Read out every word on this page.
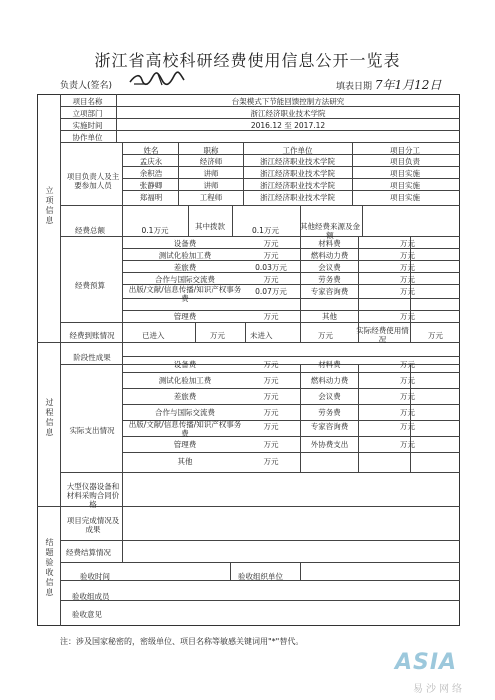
浙江省高校科研经费使用信息公开一览表
负责人(签名)	填表日期 7年1月12日
项目名称	台架模式下节能回馈控制方法研究
立项部门	浙江经济职业技术学院
实施时间	2016.12 至 2017.12
协作单位
立项信息
过程信息
结题验收信息
项目负责人及主要参加人员
姓名	职称	工作单位	项目分工
孟庆永	经济师	浙江经济职业技术学院	项目负责
余积浩	讲师	浙江经济职业技术学院	项目实施
张静卿	讲师	浙江经济职业技术学院	项目实施
郑福明	工程师	浙江经济职业技术学院	项目实施
经费总额	0.1万元	其中拨款	0.1万元	其他经费来源及金额
经费预算
设备费	万元	材料费	万元
测试化验加工费	万元	燃料动力费	万元
差旅费	0.03万元	会议费	万元
合作与国际交流费	万元	劳务费	万元
出版/文献/信息传播/知识产权事务费
0.07万元	专家咨询费	万元
管理费	万元	其他	万元
经费到账情况	已进入	万元	未进入	万元
实际经费使用情况	万元
阶段性成果
实际支出情况
设备费	万元	材料费	万元
测试化验加工费	万元	燃料动力费	万元
差旅费	万元	会议费	万元
合作与国际交流费	万元	劳务费	万元
出版/文献/信息传播/知识产权事务费
万元	专家咨询费	万元
管理费	万元	外协费支出	万元
其他	万元
大型仪器设备和材料采购合同价格
项目完成情况及成果
经费结算情况
验收时间	验收组织单位
验收组成员
验收意见
注：涉及国家秘密的，密级单位、项目名称等敏感关键词用"*"替代。
ASIA
易沙网络
